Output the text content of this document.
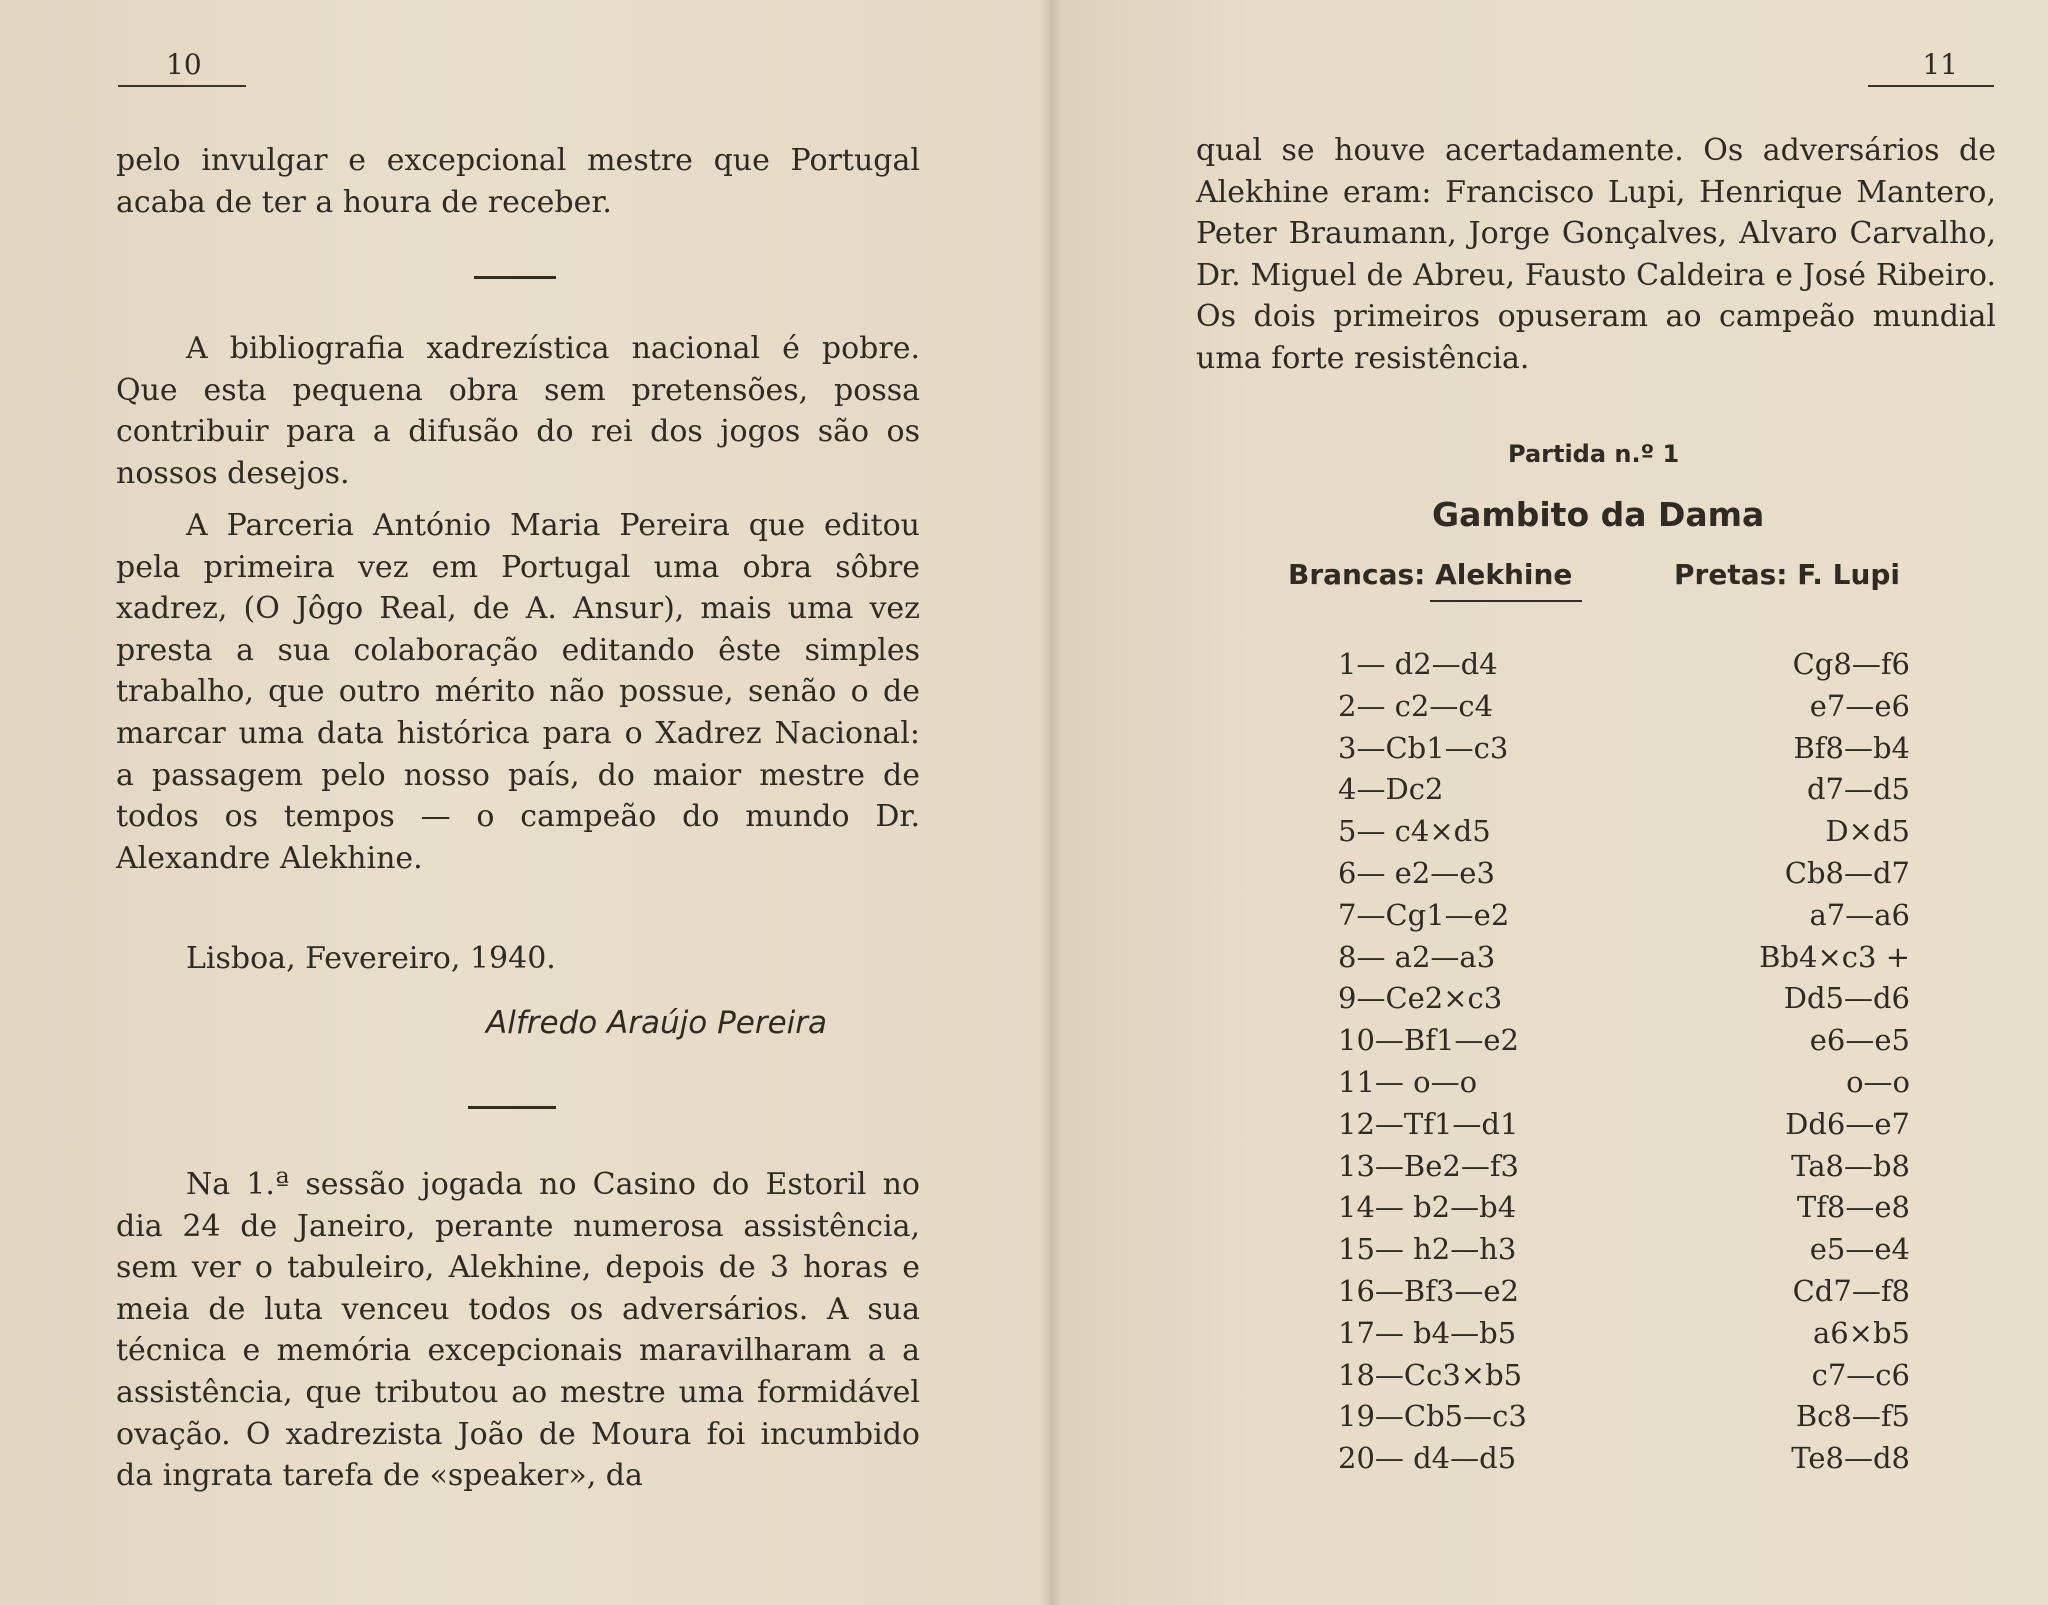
10

pelo invulgar e excepcional mestre que Portugal acaba de ter a houra de receber.

A bibliografia xadrezística nacional é pobre. Que esta pequena obra sem pretensões, possa contribuir para a difusão do rei dos jogos são os nossos desejos.

A Parceria António Maria Pereira que editou pela primeira vez em Portugal uma obra sôbre xadrez, (O Jôgo Real, de A. Ansur), mais uma vez presta a sua colaboração editando êste simples trabalho, que outro mérito não possue, senão o de marcar uma data histórica para o Xadrez Nacional: a passagem pelo nosso país, do maior mestre de todos os tempos — o campeão do mundo Dr. Alexandre Alekhine.

Lisboa, Fevereiro, 1940.

Alfredo Araújo Pereira

Na 1.ª sessão jogada no Casino do Estoril no dia 24 de Janeiro, perante numerosa assistência, sem ver o tabuleiro, Alekhine, depois de 3 horas e meia de luta venceu todos os adversários. A sua técnica e memória excepcionais maravilharam a a assistência, que tributou ao mestre uma formidável ovação. O xadrezista João de Moura foi incumbido da ingrata tarefa de «speaker», da

11

qual se houve acertadamente. Os adversários de Alekhine eram: Francisco Lupi, Henrique Mantero, Peter Braumann, Jorge Gonçalves, Alvaro Carvalho, Dr. Miguel de Abreu, Fausto Caldeira e José Ribeiro. Os dois primeiros opuseram ao campeão mundial uma forte resistência.

Partida n.º 1
Gambito da Dama
Brancas: Alekhine	Pretas: F. Lupi
1— d2—d4
2— c2—c4
3—Cb1—c3
4—Dc2
5— c4×d5
6— e2—e3
7—Cg1—e2
8— a2—a3
9—Ce2×c3
10—Bf1—e2
11— o—o
12—Tf1—d1
13—Be2—f3
14— b2—b4
15— h2—h3
16—Bf3—e2
17— b4—b5
18—Cc3×b5
19—Cb5—c3
20— d4—d5
Cg8—f6
e7—e6
Bf8—b4
d7—d5
D×d5
Cb8—d7
a7—a6
Bb4×c3 +
Dd5—d6
e6—e5
o—o
Dd6—e7
Ta8—b8
Tf8—e8
e5—e4
Cd7—f8
a6×b5
c7—c6
Bc8—f5
Te8—d8
